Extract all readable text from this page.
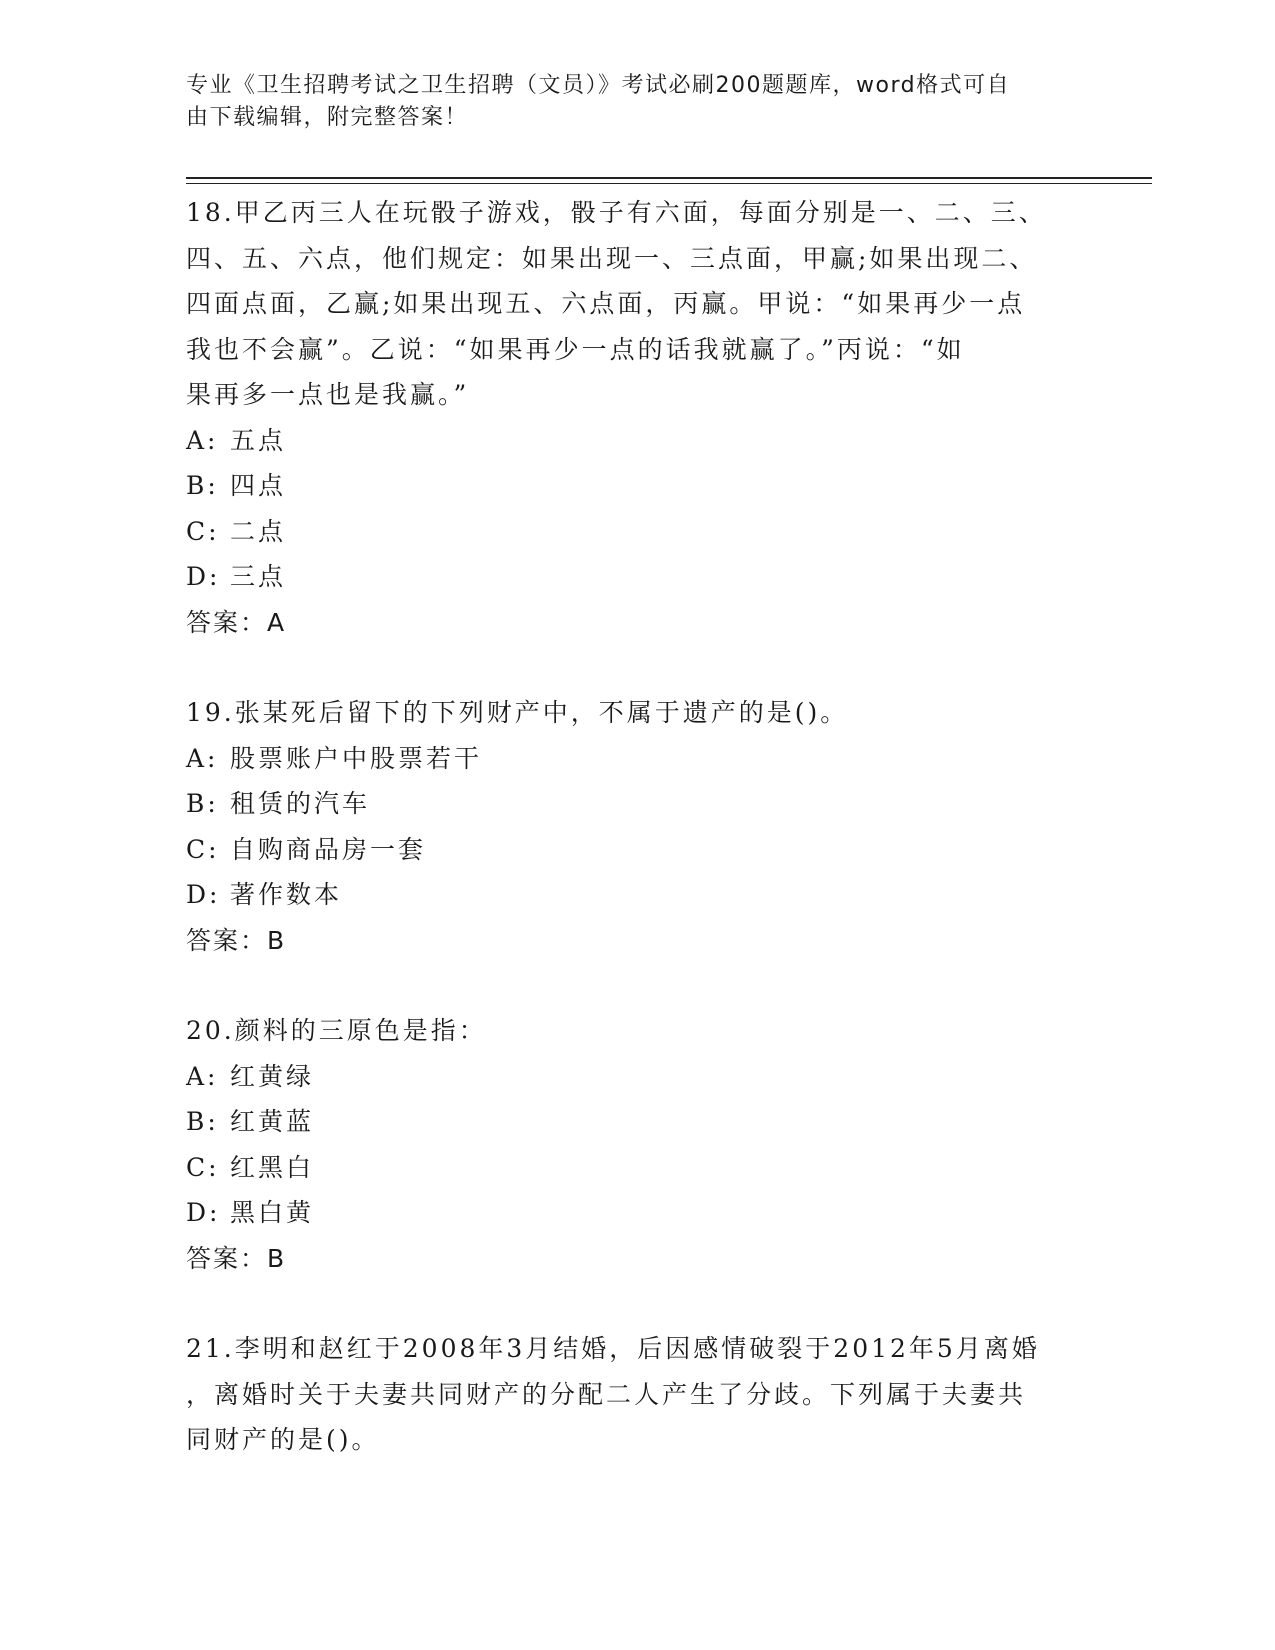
专业《卫生招聘考试之卫生招聘（文员）》考试必刷200题题库，word格式可自
由下载编辑，附完整答案！
18.甲乙丙三人在玩骰子游戏，骰子有六面，每面分别是一、二、三、
四、五、六点，他们规定：如果出现一、三点面，甲赢;如果出现二、
四面点面，乙赢;如果出现五、六点面，丙赢。甲说：“如果再少一点
我也不会赢”。乙说：“如果再少一点的话我就赢了。”丙说：“如
果再多一点也是我赢。”
A: 五点
B: 四点
C: 二点
D: 三点
答案：A
19.张某死后留下的下列财产中，不属于遗产的是()。
A: 股票账户中股票若干
B: 租赁的汽车
C: 自购商品房一套
D: 著作数本
答案：B
20.颜料的三原色是指：
A: 红黄绿
B: 红黄蓝
C: 红黑白
D: 黑白黄
答案：B
21.李明和赵红于2008年3月结婚，后因感情破裂于2012年5月离婚
，离婚时关于夫妻共同财产的分配二人产生了分歧。下列属于夫妻共
同财产的是()。
